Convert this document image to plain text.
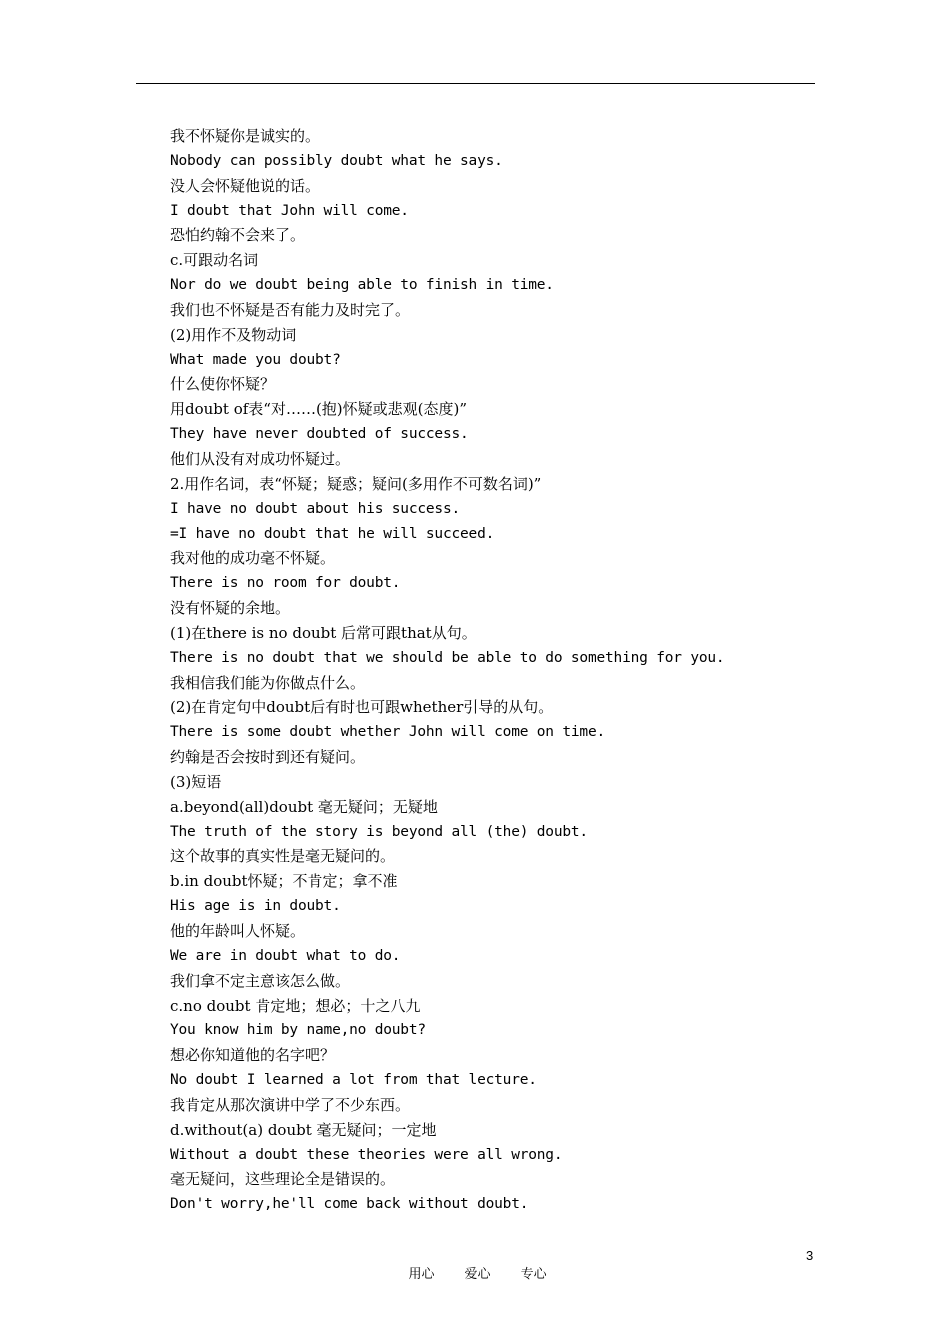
我不怀疑你是诚实的。
Nobody can possibly doubt what he says.
没人会怀疑他说的话。
I doubt that John will come.
恐怕约翰不会来了。
c.可跟动名词
Nor do we doubt being able to finish in time.
我们也不怀疑是否有能力及时完了。
(2)用作不及物动词
What made you doubt?
什么使你怀疑？
用doubt of表“对……(抱)怀疑或悲观(态度)”
They have never doubted of success.
他们从没有对成功怀疑过。
2.用作名词，表“怀疑；疑惑；疑问(多用作不可数名词)”
I have no doubt about his success.
=I have no doubt that he will succeed.
我对他的成功毫不怀疑。
There is no room for doubt.
没有怀疑的余地。
(1)在there is no doubt 后常可跟that从句。
There is no doubt that we should be able to do something for you.
我相信我们能为你做点什么。
(2)在肯定句中doubt后有时也可跟whether引导的从句。
There is some doubt whether John will come on time.
约翰是否会按时到还有疑问。
(3)短语
a.beyond(all)doubt 毫无疑问；无疑地
The truth of the story is beyond all (the) doubt.
这个故事的真实性是毫无疑问的。
b.in doubt怀疑；不肯定；拿不准
His age is in doubt.
他的年龄叫人怀疑。
We are in doubt what to do.
我们拿不定主意该怎么做。
c.no doubt 肯定地；想必；十之八九
You know him by name,no doubt?
想必你知道他的名字吧？
No doubt I learned a lot from that lecture.
我肯定从那次演讲中学了不少东西。
d.without(a) doubt 毫无疑问；一定地
Without a doubt these theories were all wrong.
毫无疑问，这些理论全是错误的。
Don't worry,he'll come back without doubt.

用心 爱心 专心

3
